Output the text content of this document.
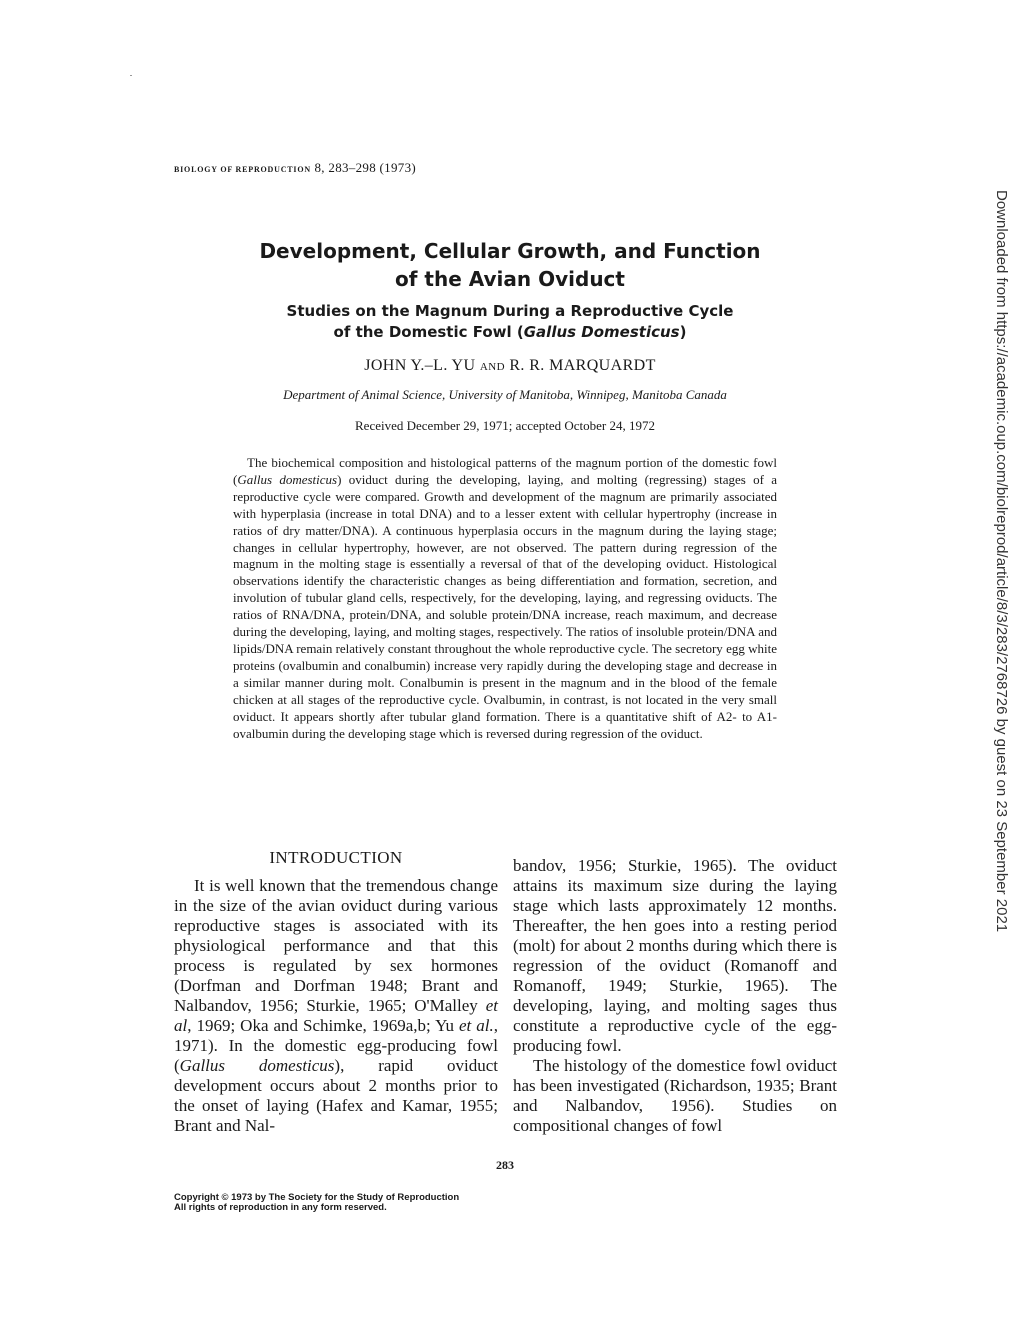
BIOLOGY OF REPRODUCTION 8, 283–298 (1973)
Development, Cellular Growth, and Function
of the Avian Oviduct
Studies on the Magnum During a Reproductive Cycle
of the Domestic Fowl (Gallus Domesticus)
JOHN Y.–L. YU AND R. R. MARQUARDT
Department of Animal Science, University of Manitoba, Winnipeg, Manitoba Canada
Received December 29, 1971; accepted October 24, 1972
The biochemical composition and histological patterns of the magnum portion of the domestic fowl (Gallus domesticus) oviduct during the developing, laying, and molting (regressing) stages of a reproductive cycle were compared. Growth and development of the magnum are primarily associated with hyperplasia (increase in total DNA) and to a lesser extent with cellular hypertrophy (increase in ratios of dry matter/DNA). A continuous hyperplasia occurs in the magnum during the laying stage; changes in cellular hypertrophy, however, are not observed. The pattern during regression of the magnum in the molting stage is essentially a reversal of that of the developing oviduct. Histological observations identify the characteristic changes as being differentiation and formation, secretion, and involution of tubular gland cells, respectively, for the developing, laying, and regressing oviducts. The ratios of RNA/DNA, protein/DNA, and soluble protein/DNA increase, reach maximum, and decrease during the developing, laying, and molting stages, respectively. The ratios of insoluble protein/DNA and lipids/DNA remain relatively constant throughout the whole reproductive cycle. The secretory egg white proteins (ovalbumin and conalbumin) increase very rapidly during the developing stage and decrease in a similar manner during molt. Conalbumin is present in the magnum and in the blood of the female chicken at all stages of the reproductive cycle. Ovalbumin, in contrast, is not located in the very small oviduct. It appears shortly after tubular gland formation. There is a quantitative shift of A2- to A1-ovalbumin during the developing stage which is reversed during regression of the oviduct.
INTRODUCTION

It is well known that the tremendous change in the size of the avian oviduct during various reproductive stages is associated with its physiological performance and that this process is regulated by sex hormones (Dorfman and Dorfman 1948; Brant and Nalbandov, 1956; Sturkie, 1965; O'Malley et al, 1969; Oka and Schimke, 1969a,b; Yu et al., 1971). In the domestic egg-producing fowl (Gallus domesticus), rapid oviduct development occurs about 2 months prior to the onset of laying (Hafex and Kamar, 1955; Brant and Nal-

bandov, 1956; Sturkie, 1965). The oviduct attains its maximum size during the laying stage which lasts approximately 12 months. Thereafter, the hen goes into a resting period (molt) for about 2 months during which there is regression of the oviduct (Romanoff and Romanoff, 1949; Sturkie, 1965). The developing, laying, and molting sages thus constitute a reproductive cycle of the egg-producing fowl.

The histology of the domestice fowl oviduct has been investigated (Richardson, 1935; Brant and Nalbandov, 1956). Studies on compositional changes of fowl

283
Copyright © 1973 by The Society for the Study of Reproduction
All rights of reproduction in any form reserved.
Downloaded from https://academic.oup.com/biolreprod/article/8/3/283/2768726 by guest on 23 September 2021
